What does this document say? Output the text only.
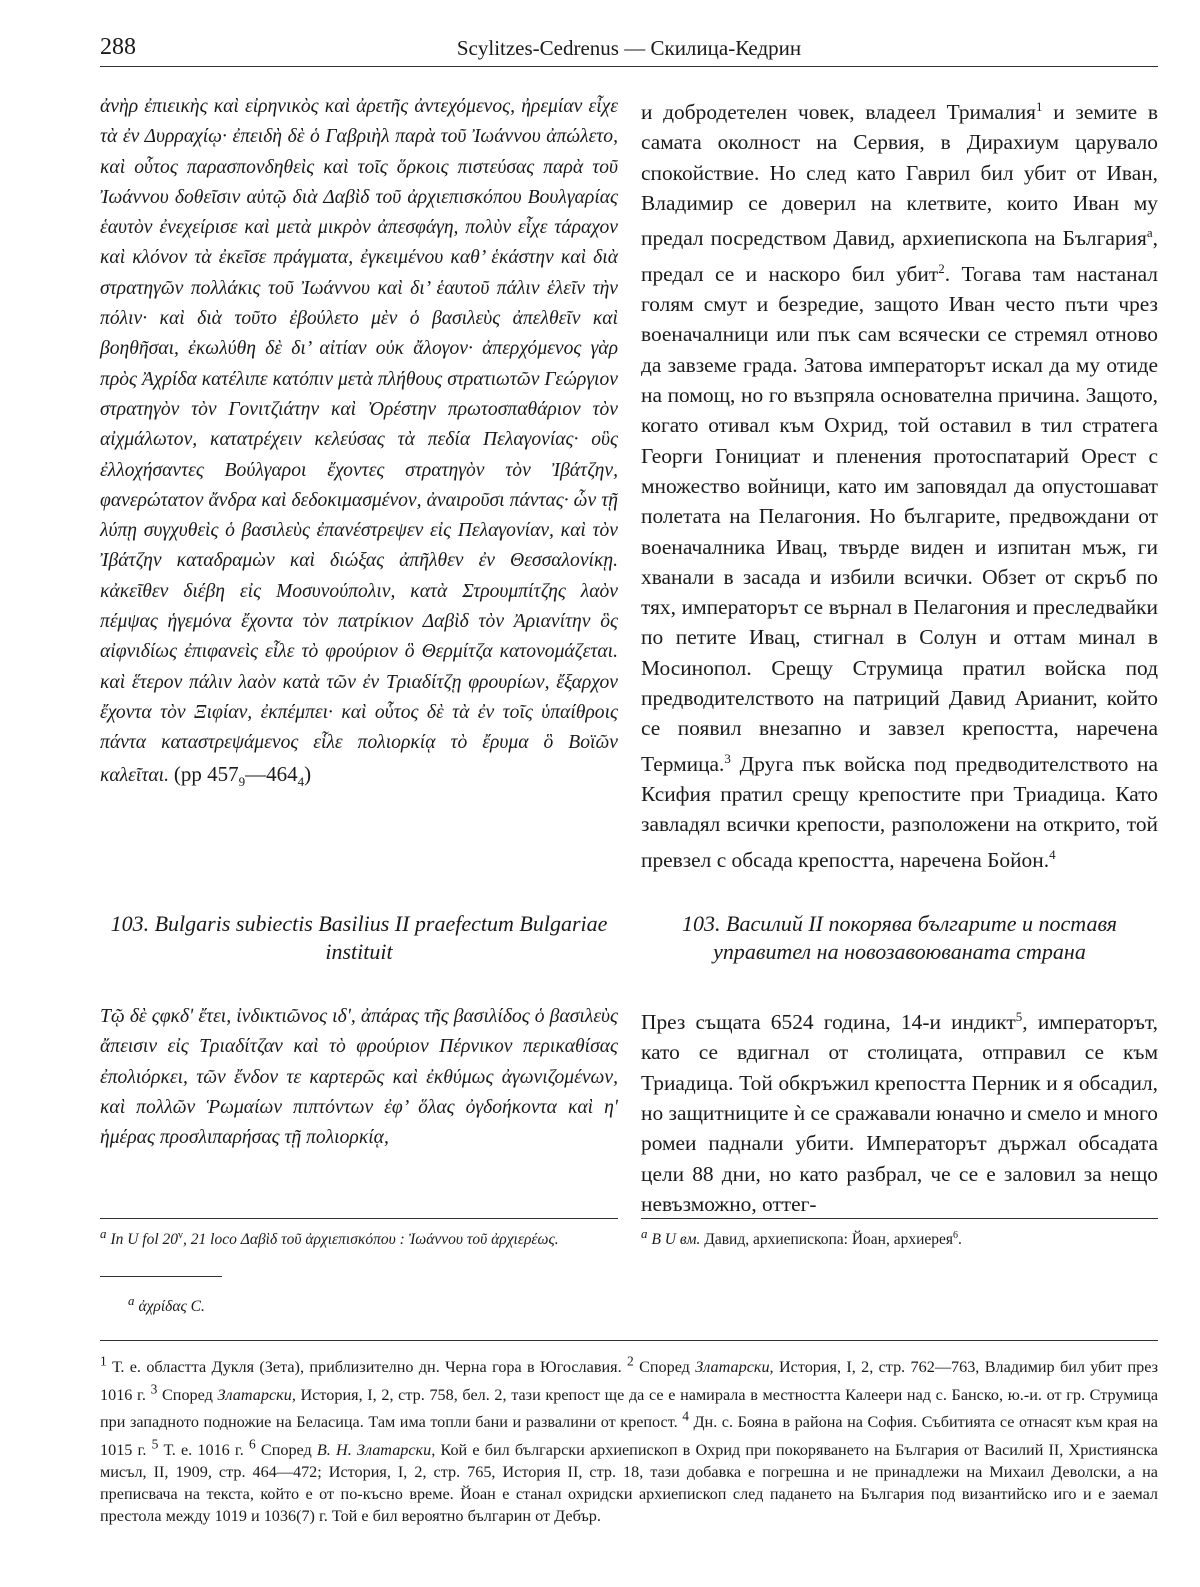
288	Scylitzes-Cedrenus — Скилица-Кедрин
ἀνὴρ ἐπιεικὴς καὶ εἰρηνικὸς καὶ ἀρετῆς ἀντεχόμενος, ἠρεμίαν εἶχε τὰ ἐν Δυρραχίῳ· ἐπειδὴ δὲ ὁ Γαβριὴλ παρὰ τοῦ Ἰωάννου ἀπώλετο, καὶ οὗτος παρασπονδηθεὶς καὶ τοῖς ὅρκοις πιστεύσας παρὰ τοῦ Ἰωάννου δοθεῖσιν αὐτῷ διὰ Δαβὶδ τοῦ ἀρχιεπισκόπου Βουλγαρίας ἑαυτὸν ἐνεχείρισε καὶ μετὰ μικρὸν ἀπεσφάγη, πολὺν εἶχε τάραχον καὶ κλόνον τὰ ἐκεῖσε πράγματα, ἐγκειμένου καθ’ ἑκάστην καὶ διὰ στρατηγῶν πολλάκις τοῦ Ἰωάννου καὶ δι’ ἑαυτοῦ πάλιν ἑλεῖν τὴν πόλιν· καὶ διὰ τοῦτο ἐβούλετο μὲν ὁ βασιλεὺς ἀπελθεῖν καὶ βοηθῆσαι, ἐκωλύθη δὲ δι’ αἰτίαν οὐκ ἄλογον· ἀπερχόμενος γὰρ πρὸς Ἀχρίδα κατέλιπε κατόπιν μετὰ πλήθους στρατιωτῶν Γεώργιον στρατηγὸν τὸν Γονιτζιάτην καὶ Ὀρέστην πρωτοσπαθάριον τὸν αἰχμάλωτον, κατατρέχειν κελεύσας τὰ πεδία Πελαγονίας· οὓς ἐλλοχήσαντες Βούλγαροι ἔχοντες στρατηγὸν τὸν Ἰβάτζην, φανερώτατον ἄνδρα καὶ δεδοκιμασμένον, ἀναιροῦσι πάντας· ὧν τῇ λύπῃ συγχυθεὶς ὁ βασιλεὺς ἐπανέστρεψεν εἰς Πελαγονίαν, καὶ τὸν Ἰβάτζην καταδραμὼν καὶ διώξας ἀπῆλθεν ἐν Θεσσαλονίκῃ. κἀκεῖθεν διέβη εἰς Μοσυνούπολιν, κατὰ Στρουμπίτζης λαὸν πέμψας ἡγεμόνα ἔχοντα τὸν πατρίκιον Δαβὶδ τὸν Ἀριανίτην ὃς αἰφνιδίως ἐπιφανεὶς εἷλε τὸ φρούριον ὃ Θερμίτζα κατονομάζεται. καὶ ἕτερον πάλιν λαὸν κατὰ τῶν ἐν Τριαδίτζῃ φρουρίων, ἔξαρχον ἔχοντα τὸν Ξιφίαν, ἐκπέμπει· καὶ οὗτος δὲ τὰ ἐν τοῖς ὑπαίθροις πάντα καταστρεψάμενος εἷλε πολιορκίᾳ τὸ ἔρυμα ὃ Βοϊῶν καλεῖται. (pp $457_9—464_4$)
и добродетелен човек, владеел Трималия$^1$ и земите в самата околност на Сервия, в Дирахиум царувало спокойствие. Но след като Гаврил бил убит от Иван, Владимир се доверил на клетвите, които Иван му предал посредством Давид, архиепископа на България$^a$, предал се и наскоро бил убит$^2$. Тогава там настанал голям смут и безредие, защото Иван често пъти чрез военачалници или пък сам всячески се стремял отново да завземе града. Затова императорът искал да му отиде на помощ, но го възпряла основателна причина. Защото, когато отивал към Охрид, той оставил в тил стратега Георги Гонициат и пленения протоспатарий Орест с множество войници, като им заповядал да опустошават полетата на Пелагония. Но българите, предвождани от военачалника Ивац, твърде виден и изпитан мъж, ги хванали в засада и избили всички. Обзет от скръб по тях, императорът се върнал в Пелагония и преследвайки по петите Ивац, стигнал в Солун и оттам минал в Мосинопол. Срещу Струмица пратил войска под предводителството на патриций Давид Арианит, който се появил внезапно и завзел крепостта, наречена Термица.$^3$ Друга пък войска под предводителството на Ксифия пратил срещу крепостите при Триадица. Като завладял всички крепости, разположени на открито, той превзел с обсада крепостта, наречена Бойон.$^4$
103. Bulgaris subiectis Basilius II praefectum Bulgariae instituit
103. Василий II покорява българите и поставя управител на новозавоюваната страна
Τῷ δὲ ςφκδʹ ἔτει, ἰνδικτιῶνος ιδʹ, ἀπάρας τῆς βασιλίδος ὁ βασιλεὺς ἄπεισιν εἰς Τριαδίτζαν καὶ τὸ φρούριον Πέρνικον περικαθίσας ἐπολιόρκει, τῶν ἔνδον τε καρτερῶς καὶ ἐκθύμως ἀγωνιζομένων, καὶ πολλῶν Ῥωμαίων πιπτόντων ἐφ’ ὅλας ὀγδοήκοντα καὶ ηʹ ἡμέρας προσλιπαρήσας τῇ πολιορκίᾳ,
През същата 6524 година, 14-и индикт$^5$, императорът, като се вдигнал от столицата, отправил се към Триадица. Той обкръжил крепостта Перник и я обсадил, но защитниците ѝ се сражавали юначно и смело и много ромеи паднали убити. Императорът държал обсадата цели 88 дни, но като разбрал, че се е заловил за нещо невъзможно, оттег-
$^a$ In U fol 20$^v$, 21 loco Δαβὶδ τοῦ ἀρχιεπισκόπου : Ἰωάννου τοῦ ἀρχιερέως.	$^a$ В U вм. Давид, архиепископа: Йоан, архиерея$^6$.
$^a$ ἀχρίδας C.
$^1$ Т. е. областта Дукля (Зета), приблизително дн. Черна гора в Югославия. $^2$ Според Златарски, История, I, 2, стр. 762—763, Владимир бил убит през 1016 г. $^3$ Според Златарски, История, I, 2, стр. 758, бел. 2, тази крепост ще да се е намирала в местността Калеери над с. Банско, ю.-и. от гр. Струмица при западното подножие на Беласица. Там има топли бани и развалини от крепост. $^4$ Дн. с. Бояна в района на София. Събитията се отнасят към края на 1015 г. $^5$ Т. е. 1016 г. $^6$ Според В. Н. Златарски, Кой е бил български архиепископ в Охрид при покоряването на България от Василий II, Християнска мисъл, II, 1909, стр. 464—472; История, I, 2, стр. 765, История II, стр. 18, тази добавка е погрешна и не принадлежи на Михаил Деволски, а на преписвача на текста, който е от по-късно време. Йоан е станал охридски архиепископ след падането на България под византийско иго и е заемал престола между 1019 и 1036(7) г. Той е бил вероятно българин от Дебър.
